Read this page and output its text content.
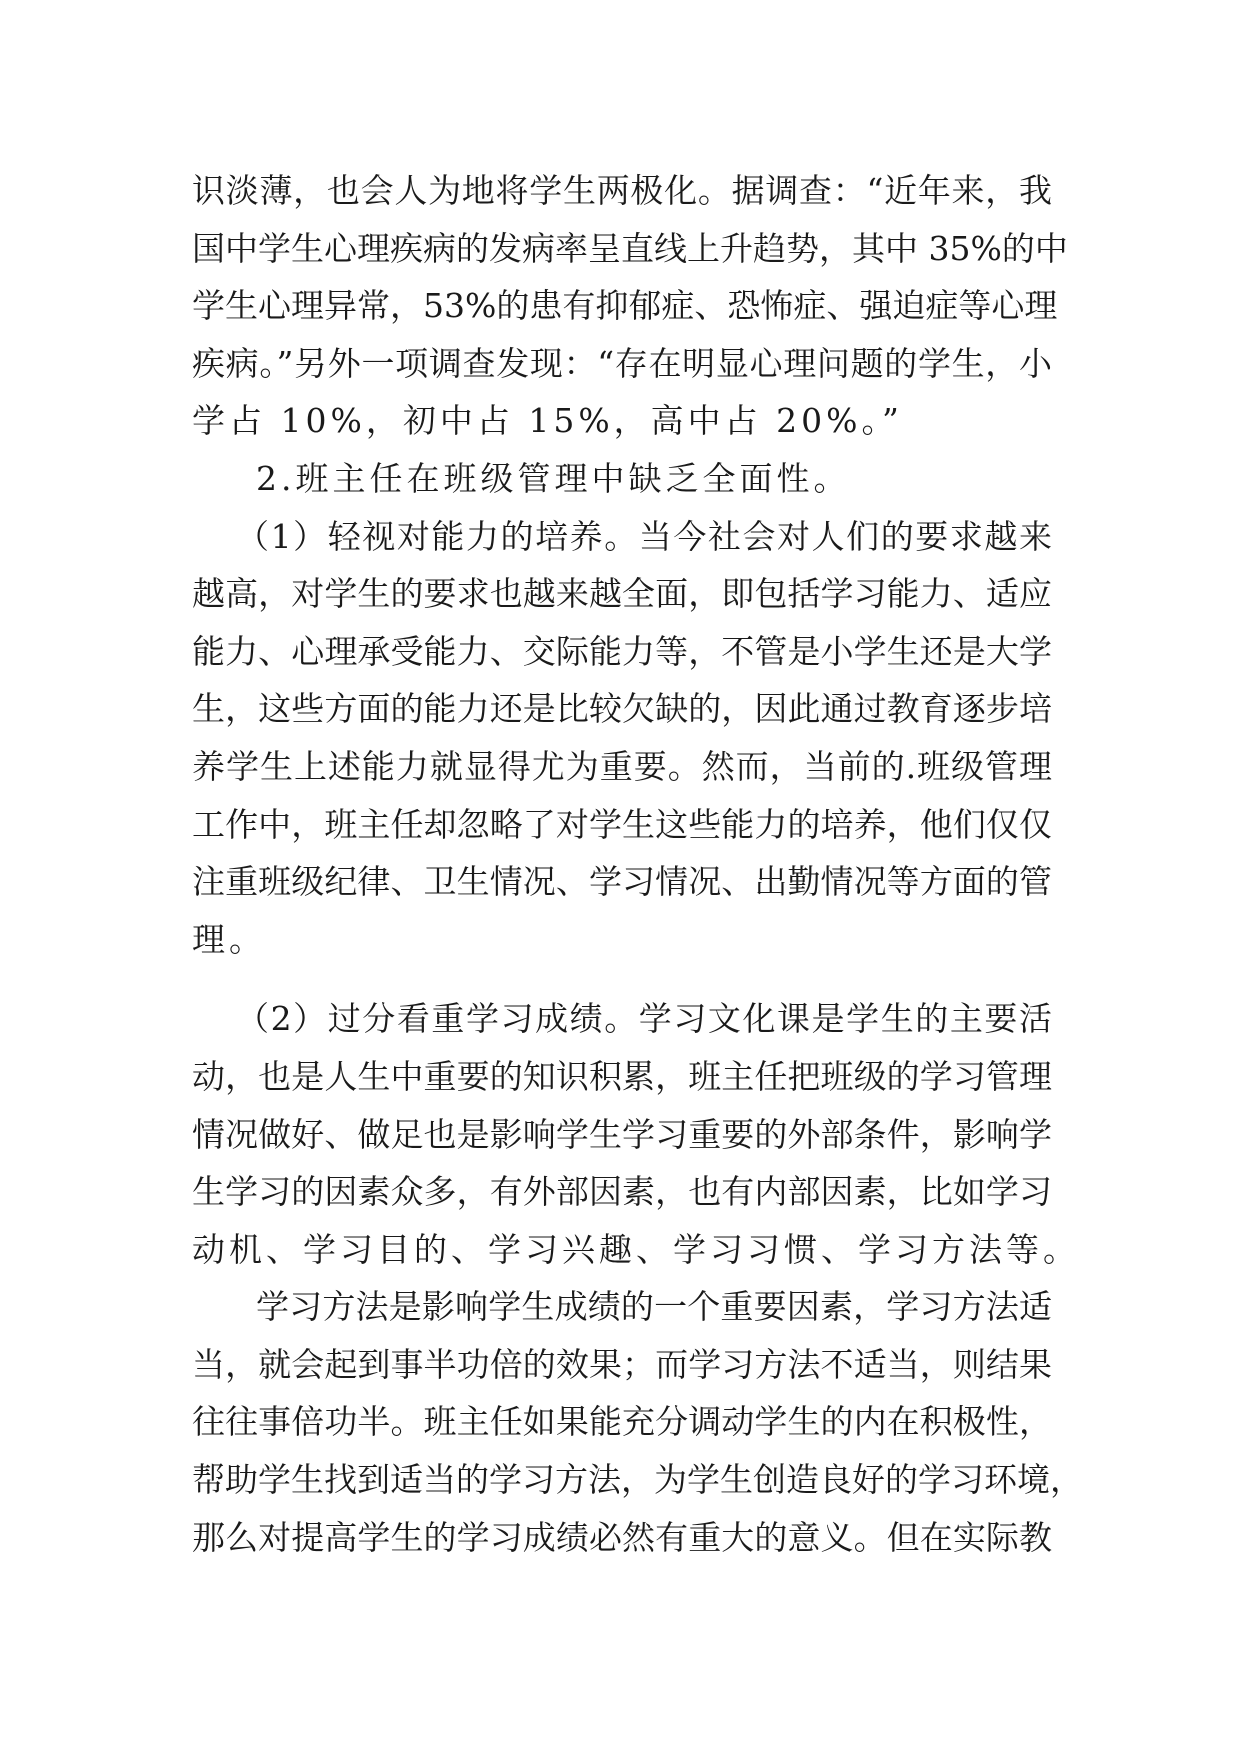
识淡薄，也会人为地将学生两极化。据调查：“近年来，我
国中学生心理疾病的发病率呈直线上升趋势，其中 35%的中
学生心理异常，53%的患有抑郁症、恐怖症、强迫症等心理
疾病。”另外一项调查发现：“存在明显心理问题的学生，小
学占 10%，初中占 15%，高中占 20%。”
2.班主任在班级管理中缺乏全面性。
（1）轻视对能力的培养。当今社会对人们的要求越来
越高，对学生的要求也越来越全面，即包括学习能力、适应
能力、心理承受能力、交际能力等，不管是小学生还是大学
生，这些方面的能力还是比较欠缺的，因此通过教育逐步培
养学生上述能力就显得尤为重要。然而，当前的.班级管理
工作中，班主任却忽略了对学生这些能力的培养，他们仅仅
注重班级纪律、卫生情况、学习情况、出勤情况等方面的管
理。
（2）过分看重学习成绩。学习文化课是学生的主要活
动，也是人生中重要的知识积累，班主任把班级的学习管理
情况做好、做足也是影响学生学习重要的外部条件，影响学
生学习的因素众多，有外部因素，也有内部因素，比如学习
动机、学习目的、学习兴趣、学习习惯、学习方法等。
学习方法是影响学生成绩的一个重要因素，学习方法适
当，就会起到事半功倍的效果；而学习方法不适当，则结果
往往事倍功半。班主任如果能充分调动学生的内在积极性，
帮助学生找到适当的学习方法，为学生创造良好的学习环境，
那么对提高学生的学习成绩必然有重大的意义。但在实际教
